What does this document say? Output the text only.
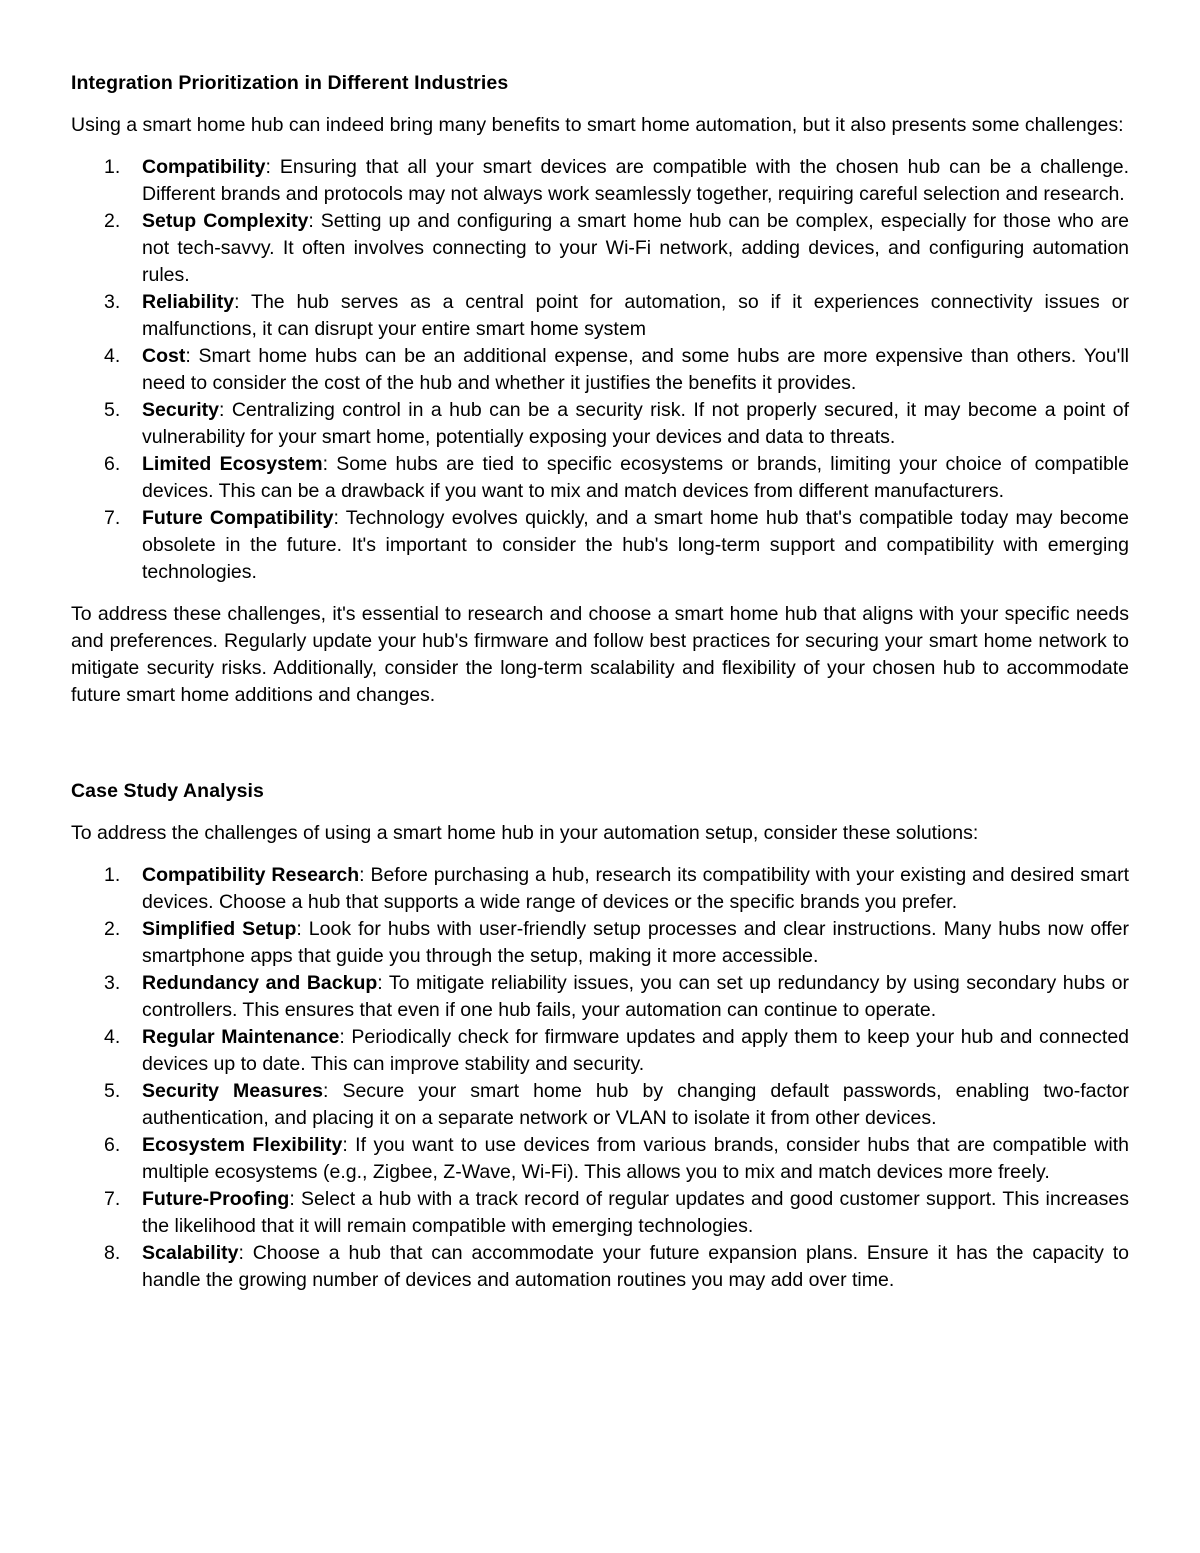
Integration Prioritization in Different Industries

Using a smart home hub can indeed bring many benefits to smart home automation, but it also presents some challenges:

1.	Compatibility: Ensuring that all your smart devices are compatible with the chosen hub can be a challenge. Different brands and protocols may not always work seamlessly together, requiring careful selection and research.
2.	Setup Complexity: Setting up and configuring a smart home hub can be complex, especially for those who are not tech-savvy. It often involves connecting to your Wi-Fi network, adding devices, and configuring automation rules.
3.	Reliability: The hub serves as a central point for automation, so if it experiences connectivity issues or malfunctions, it can disrupt your entire smart home system
4.	Cost: Smart home hubs can be an additional expense, and some hubs are more expensive than others. You'll need to consider the cost of the hub and whether it justifies the benefits it provides.
5.	Security: Centralizing control in a hub can be a security risk. If not properly secured, it may become a point of vulnerability for your smart home, potentially exposing your devices and data to threats.
6.	Limited Ecosystem: Some hubs are tied to specific ecosystems or brands, limiting your choice of compatible devices. This can be a drawback if you want to mix and match devices from different manufacturers.
7.	Future Compatibility: Technology evolves quickly, and a smart home hub that's compatible today may become obsolete in the future. It's important to consider the hub's long-term support and compatibility with emerging technologies.

To address these challenges, it's essential to research and choose a smart home hub that aligns with your specific needs and preferences. Regularly update your hub's firmware and follow best practices for securing your smart home network to mitigate security risks. Additionally, consider the long-term scalability and flexibility of your chosen hub to accommodate future smart home additions and changes.

Case Study Analysis

To address the challenges of using a smart home hub in your automation setup, consider these solutions:

1.	Compatibility Research: Before purchasing a hub, research its compatibility with your existing and desired smart devices. Choose a hub that supports a wide range of devices or the specific brands you prefer.
2.	Simplified Setup: Look for hubs with user-friendly setup processes and clear instructions. Many hubs now offer smartphone apps that guide you through the setup, making it more accessible.
3.	Redundancy and Backup: To mitigate reliability issues, you can set up redundancy by using secondary hubs or controllers. This ensures that even if one hub fails, your automation can continue to operate.
4.	Regular Maintenance: Periodically check for firmware updates and apply them to keep your hub and connected devices up to date. This can improve stability and security.
5.	Security Measures: Secure your smart home hub by changing default passwords, enabling two-factor authentication, and placing it on a separate network or VLAN to isolate it from other devices.
6.	Ecosystem Flexibility: If you want to use devices from various brands, consider hubs that are compatible with multiple ecosystems (e.g., Zigbee, Z-Wave, Wi-Fi). This allows you to mix and match devices more freely.
7.	Future-Proofing: Select a hub with a track record of regular updates and good customer support. This increases the likelihood that it will remain compatible with emerging technologies.
8.	Scalability: Choose a hub that can accommodate your future expansion plans. Ensure it has the capacity to handle the growing number of devices and automation routines you may add over time.
